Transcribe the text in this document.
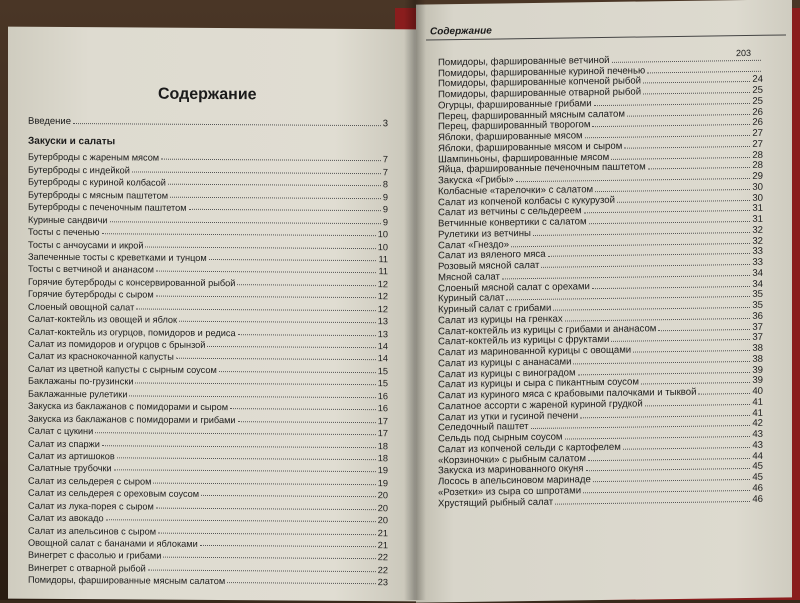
Содержание
Введение	3
Закуски и салаты
Бутерброды с жареным мясом	7
Бутерброды с индейкой	7
Бутерброды с куриной колбасой	8
Бутерброды с мясным паштетом	9
Бутерброды с печеночным паштетом	9
Куриные сандвичи	9
Тосты с печенью	10
Тосты с анчоусами и икрой	10
Запеченные тосты с креветками и тунцом	11
Тосты с ветчиной и ананасом	11
Горячие бутерброды с консервированной рыбой	12
Горячие бутерброды с сыром	12
Слоеный овощной салат	12
Салат-коктейль из овощей и яблок	13
Салат-коктейль из огурцов, помидоров и редиса	13
Салат из помидоров и огурцов с брынзой	14
Салат из краснокочанной капусты	14
Салат из цветной капусты с сырным соусом	15
Баклажаны по-грузински	15
Баклажанные рулетики	16
Закуска из баклажанов с помидорами и сыром	16
Закуска из баклажанов с помидорами и грибами	17
Салат с цукини	17
Салат из спаржи	18
Салат из артишоков	18
Салатные трубочки	19
Салат из сельдерея с сыром	19
Салат из сельдерея с ореховым соусом	20
Салат из лука-порея с сыром	20
Салат из авокадо	20
Салат из апельсинов с сыром	21
Овощной салат с бананами и яблоками	21
Винегрет с фасолью и грибами	22
Винегрет с отварной рыбой	22
Помидоры, фаршированные мясным салатом	23
Содержание
203
Помидоры, фаршированные ветчиной
Помидоры, фаршированные куриной печенью
Помидоры, фаршированные копченой рыбой	24
Помидоры, фаршированные отварной рыбой	25
Огурцы, фаршированные грибами	25
Перец, фаршированный мясным салатом	26
Перец, фаршированный творогом	26
Яблоки, фаршированные мясом	27
Яблоки, фаршированные мясом и сыром	27
Шампиньоны, фаршированные мясом	28
Яйца, фаршированные печеночным паштетом	28
Закуска «Грибы»	29
Колбасные «тарелочки» с салатом	30
Салат из копченой колбасы с кукурузой	30
Салат из ветчины с сельдереем	31
Ветчинные конвертики с салатом	31
Рулетики из ветчины	32
Салат «Гнездо»	32
Салат из вяленого мяса	33
Розовый мясной салат	33
Мясной салат	34
Слоеный мясной салат с орехами	34
Куриный салат	35
Куриный салат с грибами	35
Салат из курицы на гренках	36
Салат-коктейль из курицы с грибами и ананасом	37
Салат-коктейль из курицы с фруктами	37
Салат из маринованной курицы с овощами	38
Салат из курицы с ананасами	38
Салат из курицы с виноградом	39
Салат из курицы и сыра с пикантным соусом	39
Салат из куриного мяса с крабовыми палочками и тыквой	40
Салатное ассорти с жареной куриной грудкой	41
Салат из утки и гусиной печени	41
Селедочный паштет	42
Сельдь под сырным соусом	43
Салат из копченой сельди с картофелем	43
«Корзиночки» с рыбным салатом	44
Закуска из маринованного окуня	45
Лосось в апельсиновом маринаде	45
«Розетки» из сыра со шпротами	46
Хрустящий рыбный салат	46
